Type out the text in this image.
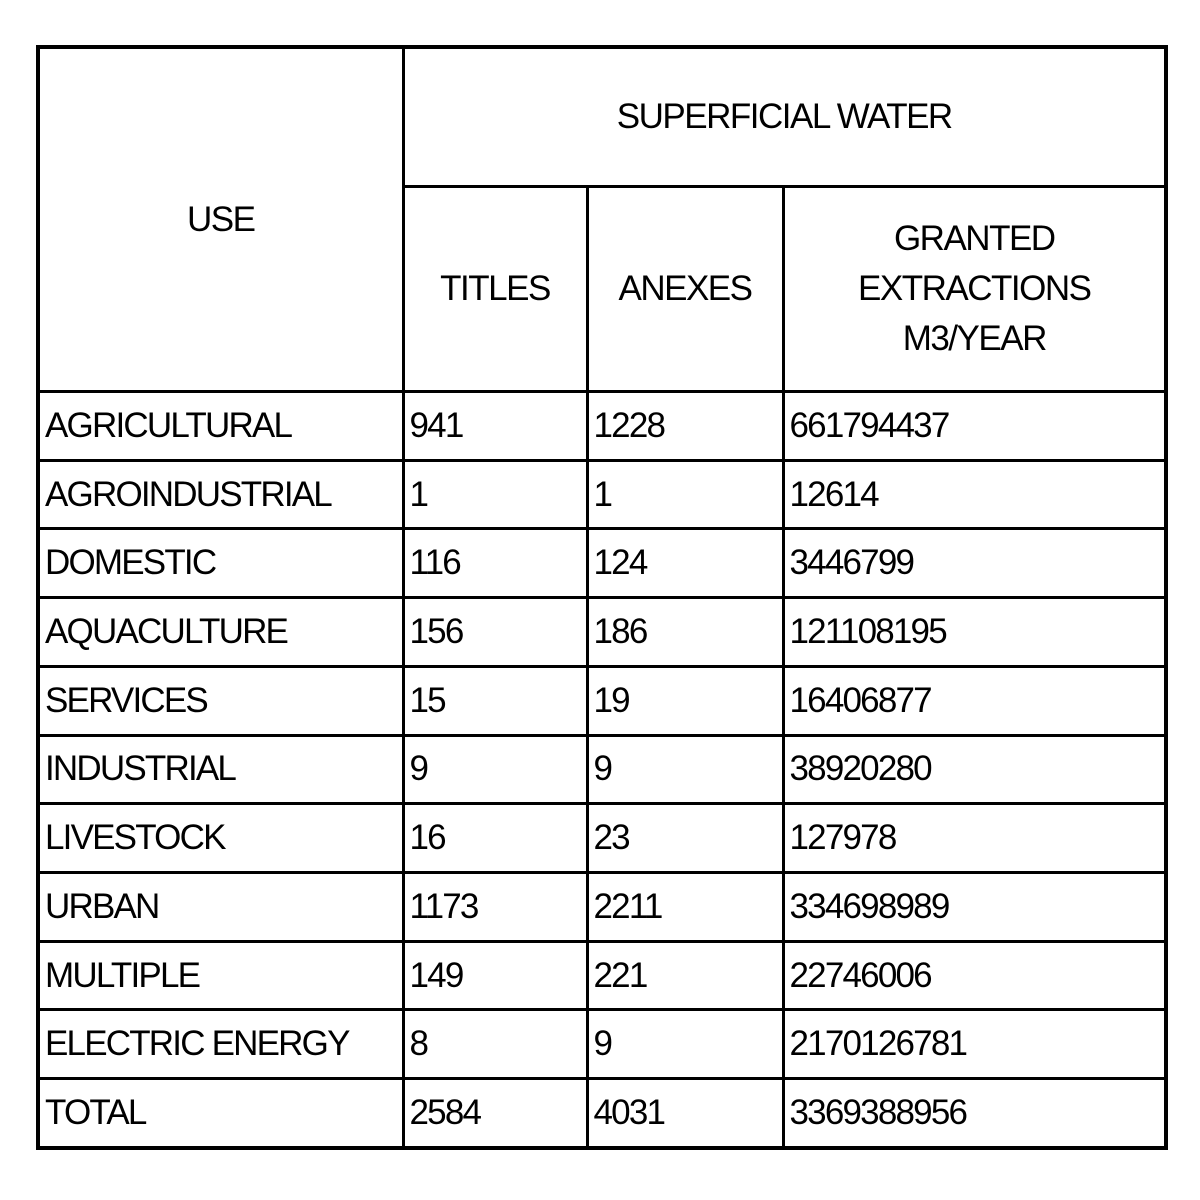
USE	SUPERFICIAL WATER		
	TITLES	ANEXES	GRANTED
EXTRACTIONS
M3/YEAR

AGRICULTURAL	941	1228	661794437
AGROINDUSTRIAL	1	1	12614
DOMESTIC	116	124	3446799
AQUACULTURE	156	186	121108195
SERVICES	15	19	16406877
INDUSTRIAL	9	9	38920280
LIVESTOCK	16	23	127978
URBAN	1173	2211	334698989
MULTIPLE	149	221	22746006
ELECTRIC ENERGY	8	9	2170126781
TOTAL	2584	4031	3369388956
